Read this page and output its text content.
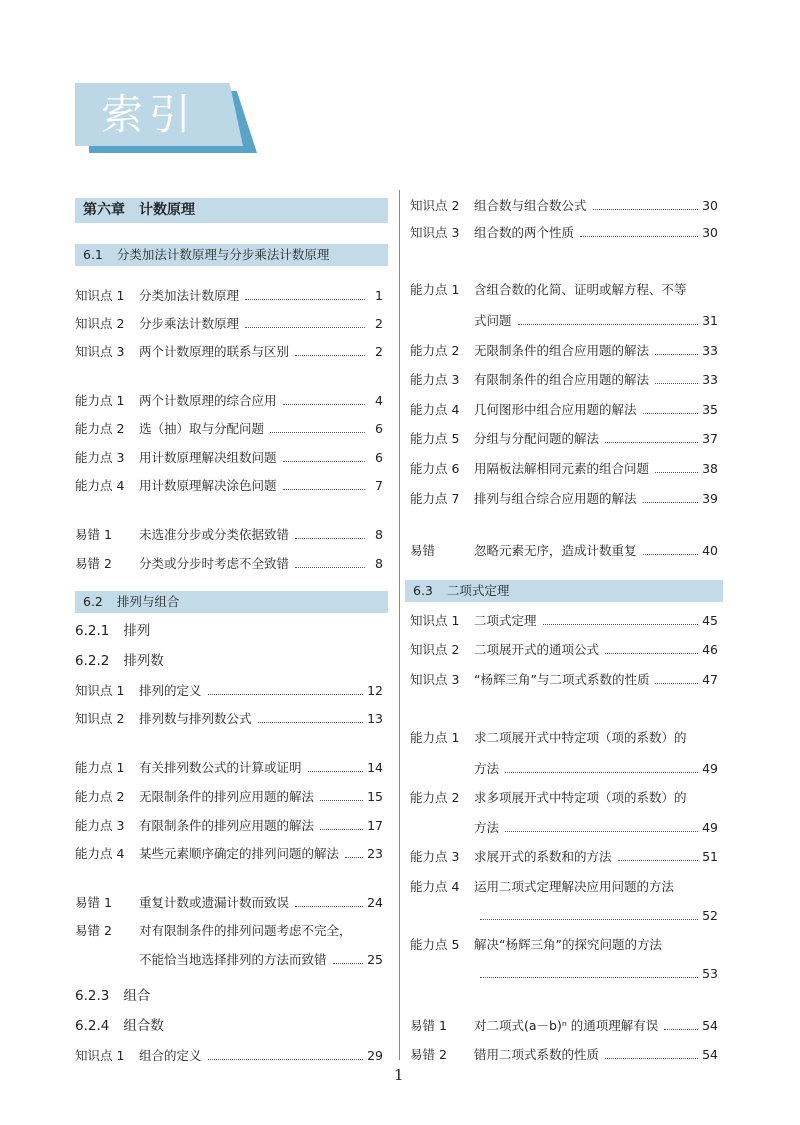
索引
第六章　计数原理
6.1 分类加法计数原理与分步乘法计数原理
知识点 1	分类加法计数原理	1
知识点 2	分步乘法计数原理	2
知识点 3	两个计数原理的联系与区别	2
能力点 1	两个计数原理的综合应用	4
能力点 2	选（抽）取与分配问题	6
能力点 3	用计数原理解决组数问题	6
能力点 4	用计数原理解决涂色问题	7
易错 1	未选准分步或分类依据致错	8
易错 2	分类或分步时考虑不全致错	8
6.2 排列与组合
6.2.1 排列
6.2.2 排列数
知识点 1	排列的定义	12
知识点 2	排列数与排列数公式	13
能力点 1	有关排列数公式的计算或证明	14
能力点 2	无限制条件的排列应用题的解法	15
能力点 3	有限制条件的排列应用题的解法	17
能力点 4	某些元素顺序确定的排列问题的解法 23
易错 1	重复计数或遗漏计数而致误	24
易错 2	对有限制条件的排列问题考虑不完全，
不能恰当地选择排列的方法而致错	25
6.2.3 组合
6.2.4 组合数
知识点 1	组合的定义	29
知识点 2	组合数与组合数公式	30
知识点 3	组合数的两个性质	30
能力点 1	含组合数的化简、证明或解方程、不等
式问题	31
能力点 2	无限制条件的组合应用题的解法	33
能力点 3	有限制条件的组合应用题的解法	33
能力点 4	几何图形中组合应用题的解法	35
能力点 5	分组与分配问题的解法	37
能力点 6	用隔板法解相同元素的组合问题	38
能力点 7	排列与组合综合应用题的解法	39
易错	忽略元素无序，造成计数重复	40
6.3 二项式定理
知识点 1	二项式定理	45
知识点 2	二项展开式的通项公式	46
知识点 3	“杨辉三角”与二项式系数的性质	47
能力点 1	求二项展开式中特定项（项的系数）的
方法	49
能力点 2	求多项展开式中特定项（项的系数）的
方法	49
能力点 3	求展开式的系数和的方法	51
能力点 4	运用二项式定理解决应用问题的方法
52
能力点 5	解决“杨辉三角”的探究问题的方法
53
易错 1	对二项式(a－b)ⁿ 的通项理解有误	54
易错 2	错用二项式系数的性质	54
1
